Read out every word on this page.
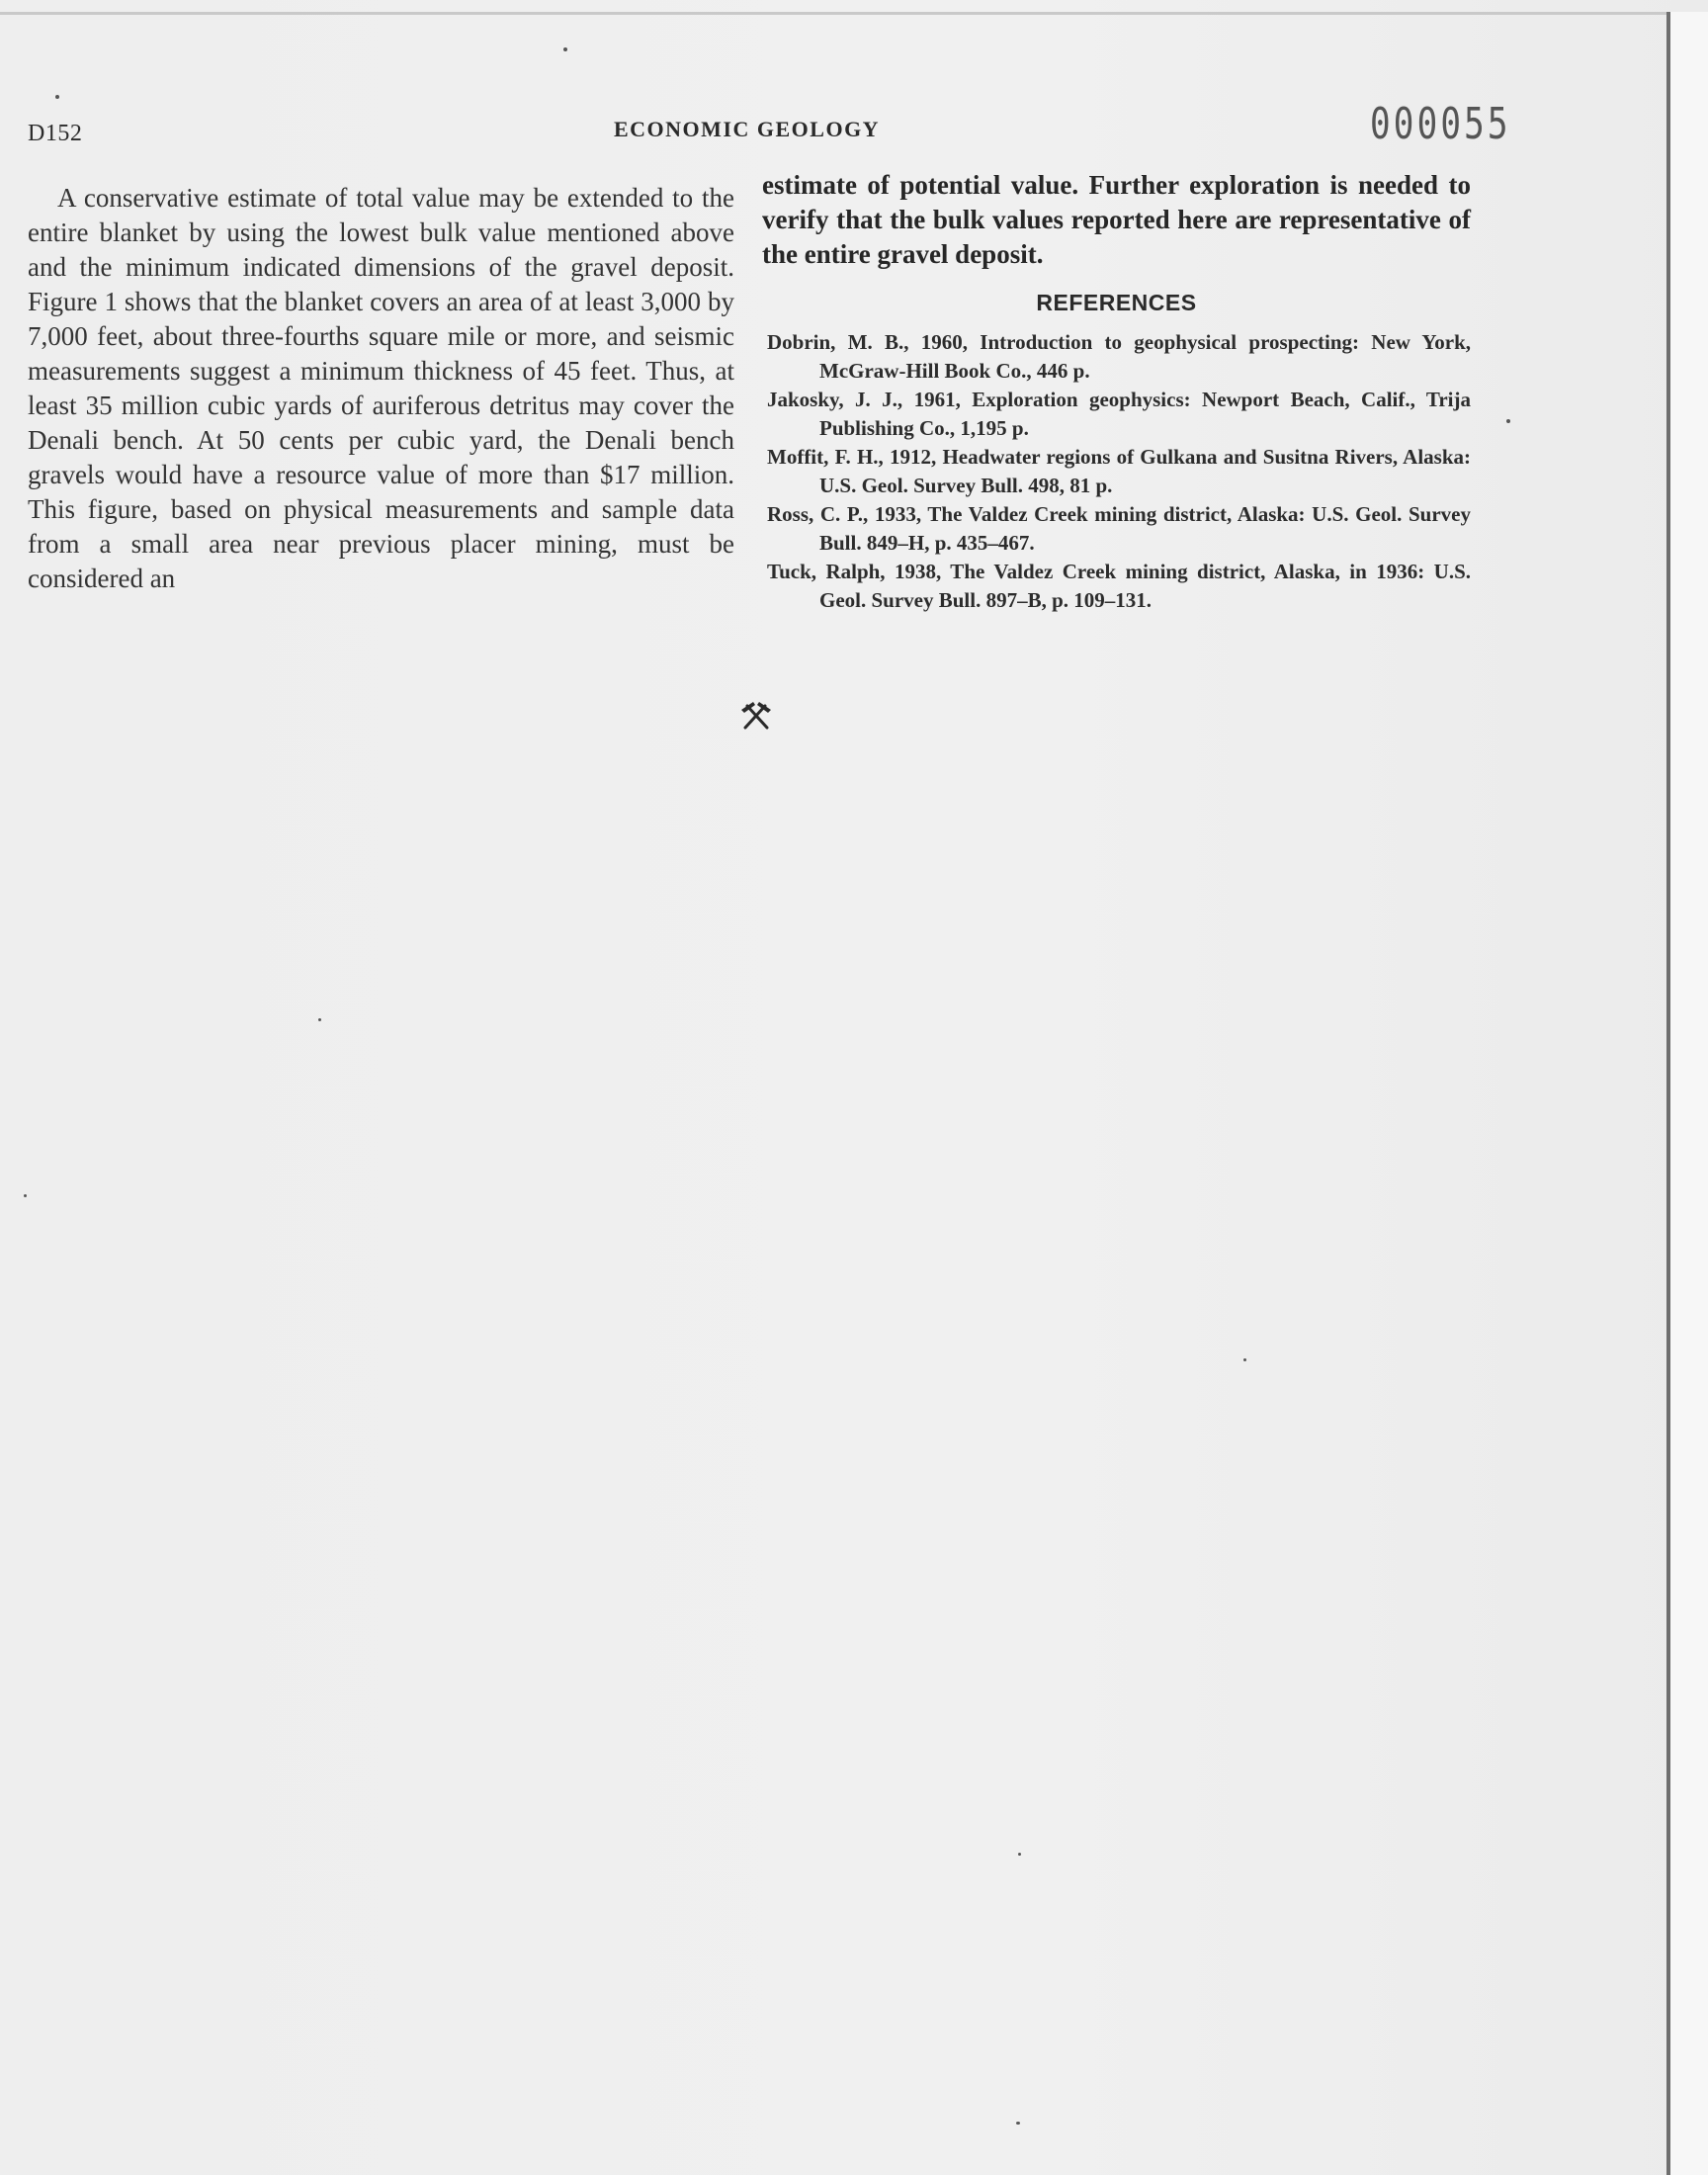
D152	ECONOMIC GEOLOGY	000055

A conservative estimate of total value may be extended to the entire blanket by using the lowest bulk value mentioned above and the minimum indicated dimensions of the gravel deposit. Figure 1 shows that the blanket covers an area of at least 3,000 by 7,000 feet, about three-fourths square mile or more, and seismic measurements suggest a minimum thickness of 45 feet. Thus, at least 35 million cubic yards of auriferous detritus may cover the Denali bench. At 50 cents per cubic yard, the Denali bench gravels would have a resource value of more than $17 million. This figure, based on physical measurements and sample data from a small area near previous placer mining, must be considered an

estimate of potential value. Further exploration is needed to verify that the bulk values reported here are representative of the entire gravel deposit.

REFERENCES

Dobrin, M. B., 1960, Introduction to geophysical prospecting: New York, McGraw-Hill Book Co., 446 p.

Jakosky, J. J., 1961, Exploration geophysics: Newport Beach, Calif., Trija Publishing Co., 1,195 p.

Moffit, F. H., 1912, Headwater regions of Gulkana and Susitna Rivers, Alaska: U.S. Geol. Survey Bull. 498, 81 p.

Ross, C. P., 1933, The Valdez Creek mining district, Alaska: U.S. Geol. Survey Bull. 849–H, p. 435–467.

Tuck, Ralph, 1938, The Valdez Creek mining district, Alaska, in 1936: U.S. Geol. Survey Bull. 897–B, p. 109–131.
